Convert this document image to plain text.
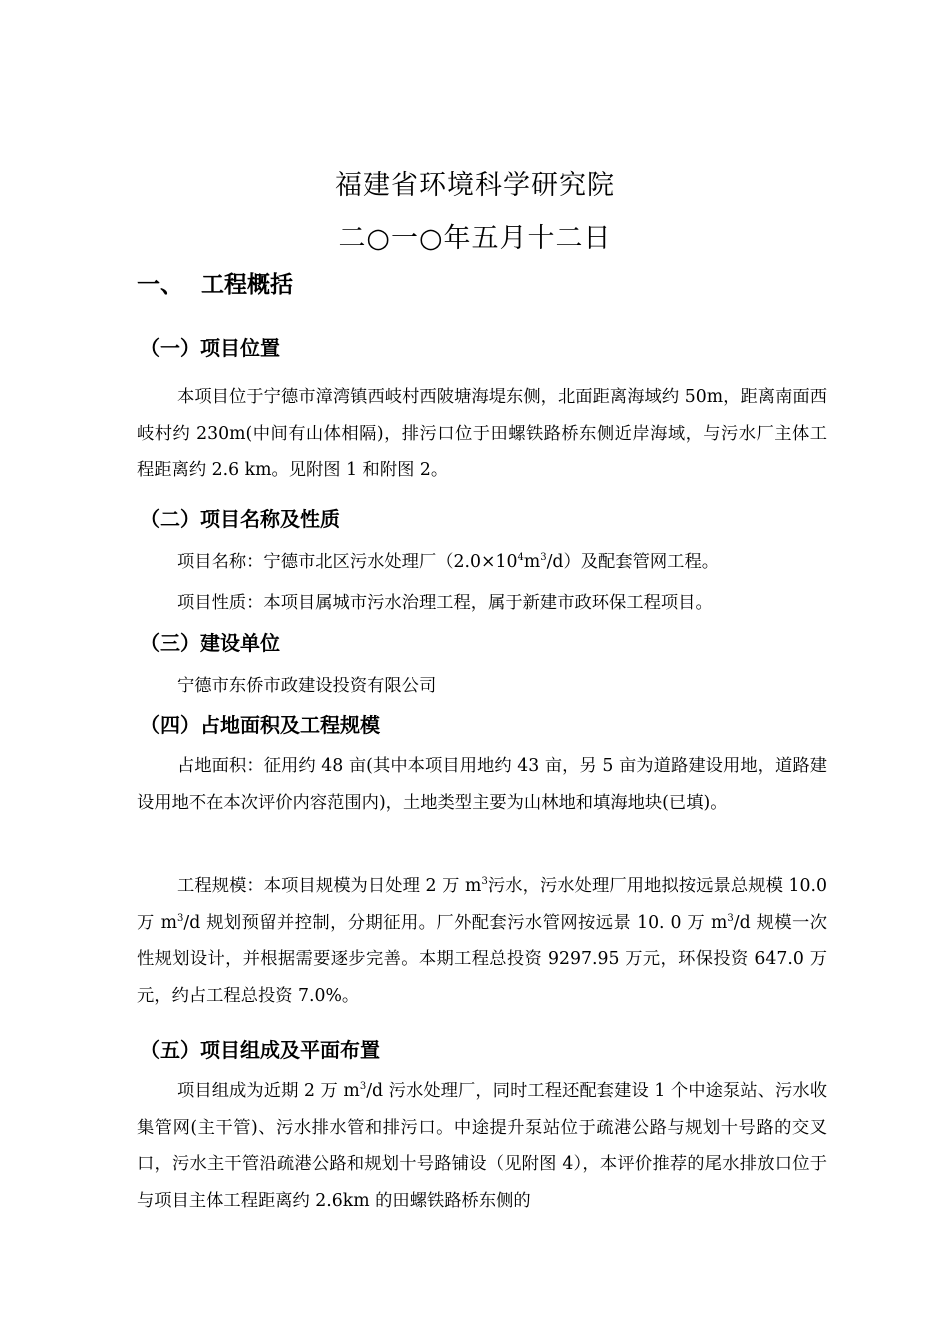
福建省环境科学研究院
二○一○年五月十二日
一、 工程概括
（一）项目位置

本项目位于宁德市漳湾镇西岐村西陂塘海堤东侧，北面距离海域约 50m，距离南面西岐村约 230m(中间有山体相隔)，排污口位于田螺铁路桥东侧近岸海域，与污水厂主体工程距离约 2.6 km。见附图 1 和附图 2。

（二）项目名称及性质

项目名称：宁德市北区污水处理厂$(2.0\times 10^4m^3/d)$及配套管网工程。

项目性质：本项目属城市污水治理工程，属于新建市政环保工程项目。

（三）建设单位

宁德市东侨市政建设投资有限公司

（四）占地面积及工程规模

占地面积：征用约 48 亩(其中本项目用地约 43 亩，另 5 亩为道路建设用地，道路建设用地不在本次评价内容范围内)，土地类型主要为山林地和填海地块(已填)。

工程规模：本项目规模为日处理 2 万 $m^3$污水，污水处理厂用地拟按远景总规模 10.0 万 $m^3/d$ 规划预留并控制，分期征用。厂外配套污水管网按远景 10. 0 万 $m^3/d$ 规模一次性规划设计，并根据需要逐步完善。本期工程总投资 9297.95 万元，环保投资 647.0 万元，约占工程总投资 7.0%。

（五）项目组成及平面布置

项目组成为近期 2 万 $m^3/d$ 污水处理厂，同时工程还配套建设 1 个中途泵站、污水收集管网(主干管)、污水排水管和排污口。中途提升泵站位于疏港公路与规划十号路的交叉口，污水主干管沿疏港公路和规划十号路铺设（见附图 4），本评价推荐的尾水排放口位于与项目主体工程距离约 2.6km 的田螺铁路桥东侧的
